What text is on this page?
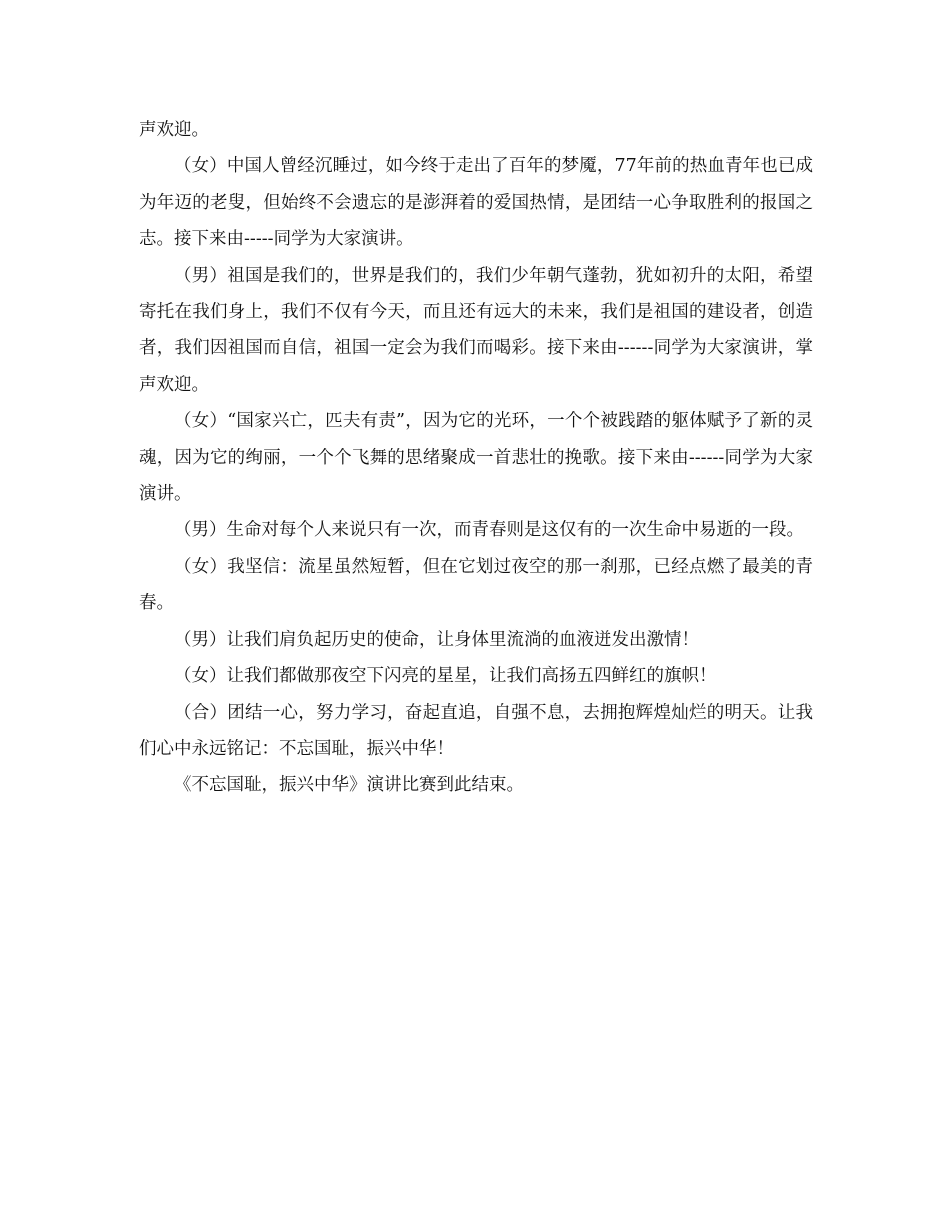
声欢迎。

（女）中国人曾经沉睡过，如今终于走出了百年的梦魇，77年前的热血青年也已成为年迈的老叟，但始终不会遗忘的是澎湃着的爱国热情，是团结一心争取胜利的报国之志。接下来由-----同学为大家演讲。

（男）祖国是我们的，世界是我们的，我们少年朝气蓬勃，犹如初升的太阳，希望寄托在我们身上，我们不仅有今天，而且还有远大的未来，我们是祖国的建设者，创造者，我们因祖国而自信，祖国一定会为我们而喝彩。接下来由------同学为大家演讲，掌声欢迎。

（女）“国家兴亡，匹夫有责”，因为它的光环，一个个被践踏的躯体赋予了新的灵魂，因为它的绚丽，一个个飞舞的思绪聚成一首悲壮的挽歌。接下来由------同学为大家演讲。

（男）生命对每个人来说只有一次，而青春则是这仅有的一次生命中易逝的一段。

（女）我坚信：流星虽然短暂，但在它划过夜空的那一刹那，已经点燃了最美的青春。

（男）让我们肩负起历史的使命，让身体里流淌的血液迸发出激情！

（女）让我们都做那夜空下闪亮的星星，让我们高扬五四鲜红的旗帜！

（合）团结一心，努力学习，奋起直追，自强不息，去拥抱辉煌灿烂的明天。让我们心中永远铭记：不忘国耻，振兴中华！

《不忘国耻，振兴中华》演讲比赛到此结束。
